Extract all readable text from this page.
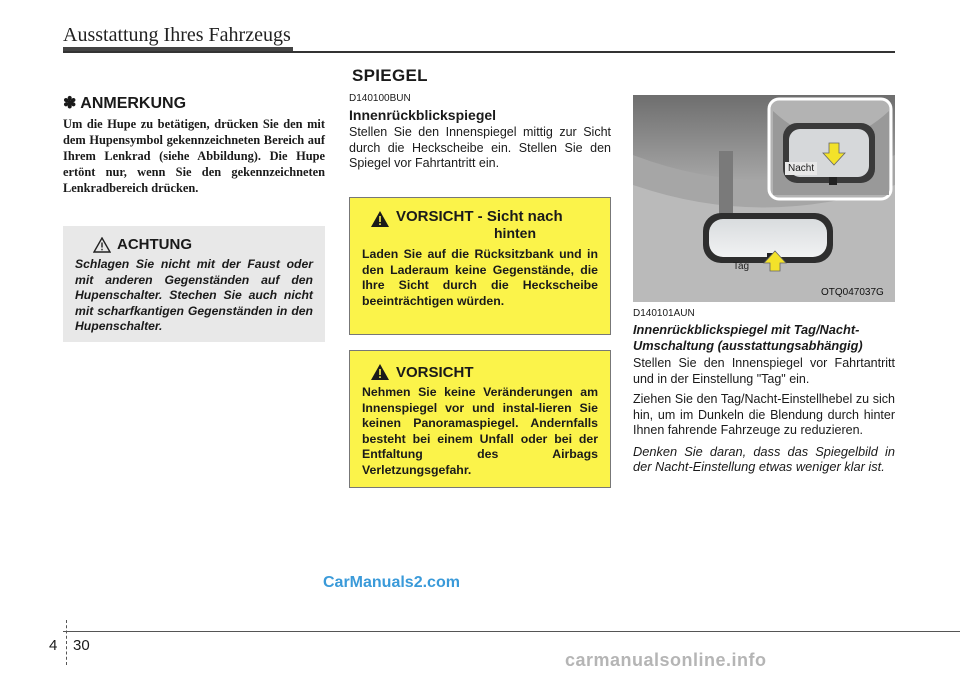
Ausstattung Ihres Fahrzeugs
SPIEGEL
✽ ANMERKUNG
Um die Hupe zu betätigen, drücken Sie den mit dem Hupensymbol gekennzeichneten Bereich auf Ihrem Lenkrad (siehe Abbildung). Die Hupe ertönt nur, wenn Sie den gekennzeichneten Lenkradbereich drücken.
ACHTUNG
Schlagen Sie nicht mit der Faust oder mit anderen Gegenständen auf den Hupenschalter. Stechen Sie auch nicht mit scharfkantigen Gegenständen in den Hupenschalter.
D140100BUN
Innenrückblickspiegel
Stellen Sie den Innenspiegel mittig zur Sicht durch die Heckscheibe ein. Stellen Sie den Spiegel vor Fahrtantritt ein.
VORSICHT - Sicht nach
hinten
Laden Sie auf die Rücksitzbank und in den Laderaum keine Gegenstände, die Ihre Sicht durch die Heckscheibe beeinträchtigen würden.
VORSICHT
Nehmen Sie keine Veränderungen am Innenspiegel vor und instal-lieren Sie keinen Panoramaspiegel. Andernfalls besteht bei einem Unfall oder bei der Entfaltung des Airbags Verletzungsgefahr.
Nacht
Tag
OTQ047037G
D140101AUN
Innenrückblickspiegel mit Tag/Nacht-Umschaltung (ausstattungsabhängig)
Stellen Sie den Innenspiegel vor Fahrtantritt und in der Einstellung "Tag" ein.
Ziehen Sie den Tag/Nacht-Einstellhebel zu sich hin, um im Dunkeln die Blendung durch hinter Ihnen fahrende Fahrzeuge zu reduzieren.
Denken Sie daran, dass das Spiegelbild in der Nacht-Einstellung etwas weniger klar ist.
4 30
CarManuals2.com
carmanualsonline.info
